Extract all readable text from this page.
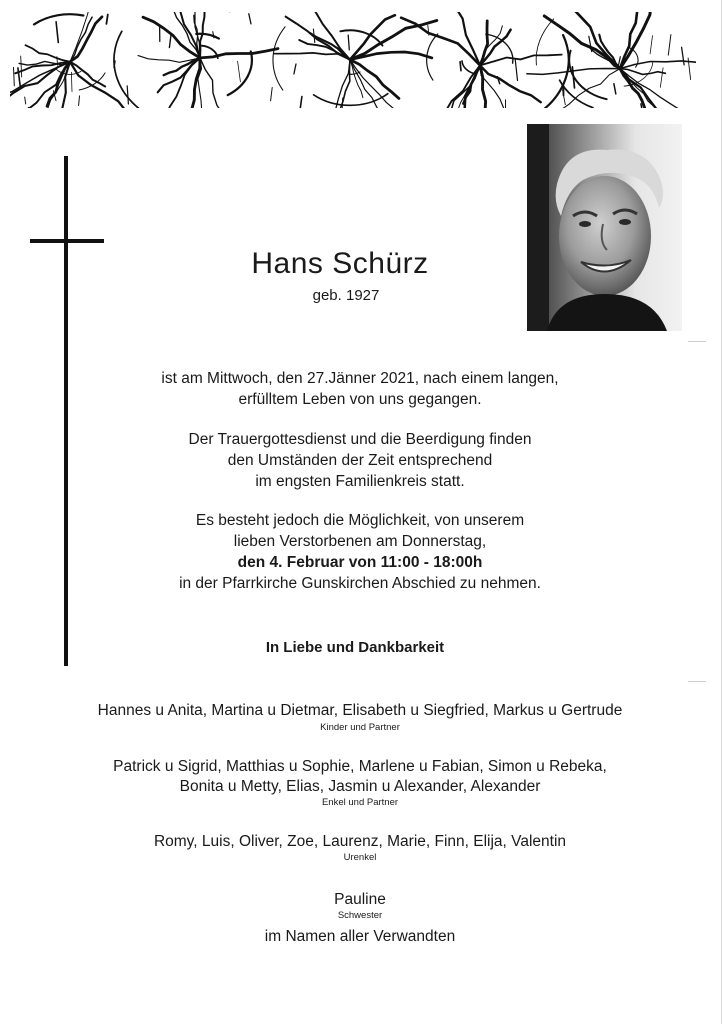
Hans Schürz
geb. 1927
ist am Mittwoch, den 27.Jänner 2021, nach einem langen,
erfülltem Leben von uns gegangen.
Der Trauergottesdienst und die Beerdigung finden
den Umständen der Zeit entsprechend
im engsten Familienkreis statt.
Es besteht jedoch die Möglichkeit, von unserem
lieben Verstorbenen am Donnerstag,
den 4. Februar von 11:00 - 18:00h
in der Pfarrkirche Gunskirchen Abschied zu nehmen.
In Liebe und Dankbarkeit
Hannes u Anita, Martina u Dietmar, Elisabeth u Siegfried, Markus u Gertrude
Kinder und Partner
Patrick u Sigrid, Matthias u Sophie, Marlene u Fabian, Simon u Rebeka,
Bonita u Metty, Elias, Jasmin u Alexander, Alexander
Enkel und Partner
Romy, Luis, Oliver, Zoe, Laurenz, Marie, Finn, Elija, Valentin
Urenkel
Pauline
Schwester
im Namen aller Verwandten
